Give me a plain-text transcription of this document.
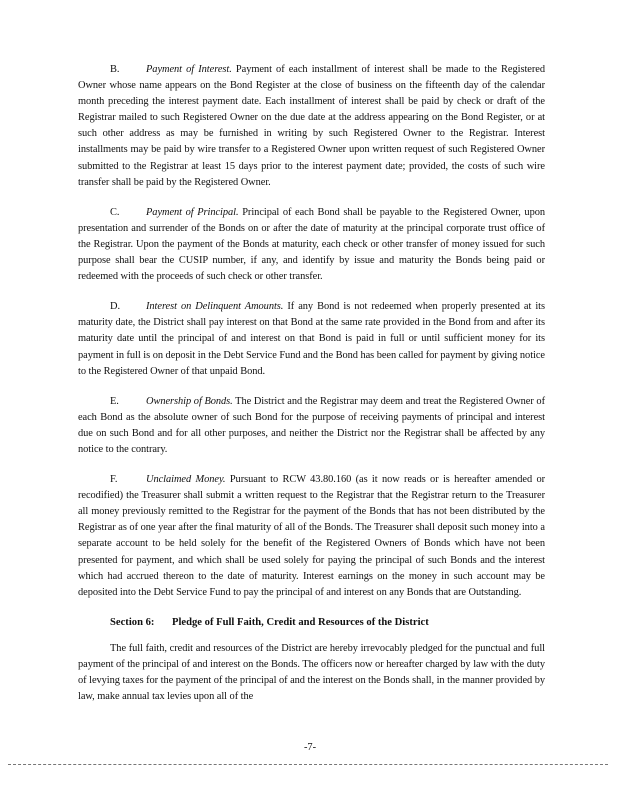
B.	Payment of Interest. Payment of each installment of interest shall be made to the Registered Owner whose name appears on the Bond Register at the close of business on the fifteenth day of the calendar month preceding the interest payment date. Each installment of interest shall be paid by check or draft of the Registrar mailed to such Registered Owner on the due date at the address appearing on the Bond Register, or at such other address as may be furnished in writing by such Registered Owner to the Registrar. Interest installments may be paid by wire transfer to a Registered Owner upon written request of such Registered Owner submitted to the Registrar at least 15 days prior to the interest payment date; provided, the costs of such wire transfer shall be paid by the Registered Owner.

C.	Payment of Principal. Principal of each Bond shall be payable to the Registered Owner, upon presentation and surrender of the Bonds on or after the date of maturity at the principal corporate trust office of the Registrar. Upon the payment of the Bonds at maturity, each check or other transfer of money issued for such purpose shall bear the CUSIP number, if any, and identify by issue and maturity the Bonds being paid or redeemed with the proceeds of such check or other transfer.

D. Interest on Delinquent Amounts. If any Bond is not redeemed when properly presented at its maturity date, the District shall pay interest on that Bond at the same rate provided in the Bond from and after its maturity date until the principal of and interest on that Bond is paid in full or until sufficient money for its payment in full is on deposit in the Debt Service Fund and the Bond has been called for payment by giving notice to the Registered Owner of that unpaid Bond.

E.	Ownership of Bonds. The District and the Registrar may deem and treat the Registered Owner of each Bond as the absolute owner of such Bond for the purpose of receiving payments of principal and interest due on such Bond and for all other purposes, and neither the District nor the Registrar shall be affected by any notice to the contrary.

F.	Unclaimed Money. Pursuant to RCW 43.80.160 (as it now reads or is hereafter amended or recodified) the Treasurer shall submit a written request to the Registrar that the Registrar return to the Treasurer all money previously remitted to the Registrar for the payment of the Bonds that has not been distributed by the Registrar as of one year after the final maturity of all of the Bonds. The Treasurer shall deposit such money into a separate account to be held solely for the benefit of the Registered Owners of Bonds which have not been presented for payment, and which shall be used solely for paying the principal of such Bonds and the interest which had accrued thereon to the date of maturity. Interest earnings on the money in such account may be deposited into the Debt Service Fund to pay the principal of and interest on any Bonds that are Outstanding.

Section 6: Pledge of Full Faith, Credit and Resources of the District

The full faith, credit and resources of the District are hereby irrevocably pledged for the punctual and full payment of the principal of and interest on the Bonds. The officers now or hereafter charged by law with the duty of levying taxes for the payment of the principal of and the interest on the Bonds shall, in the manner provided by law, make annual tax levies upon all of the

-7-
